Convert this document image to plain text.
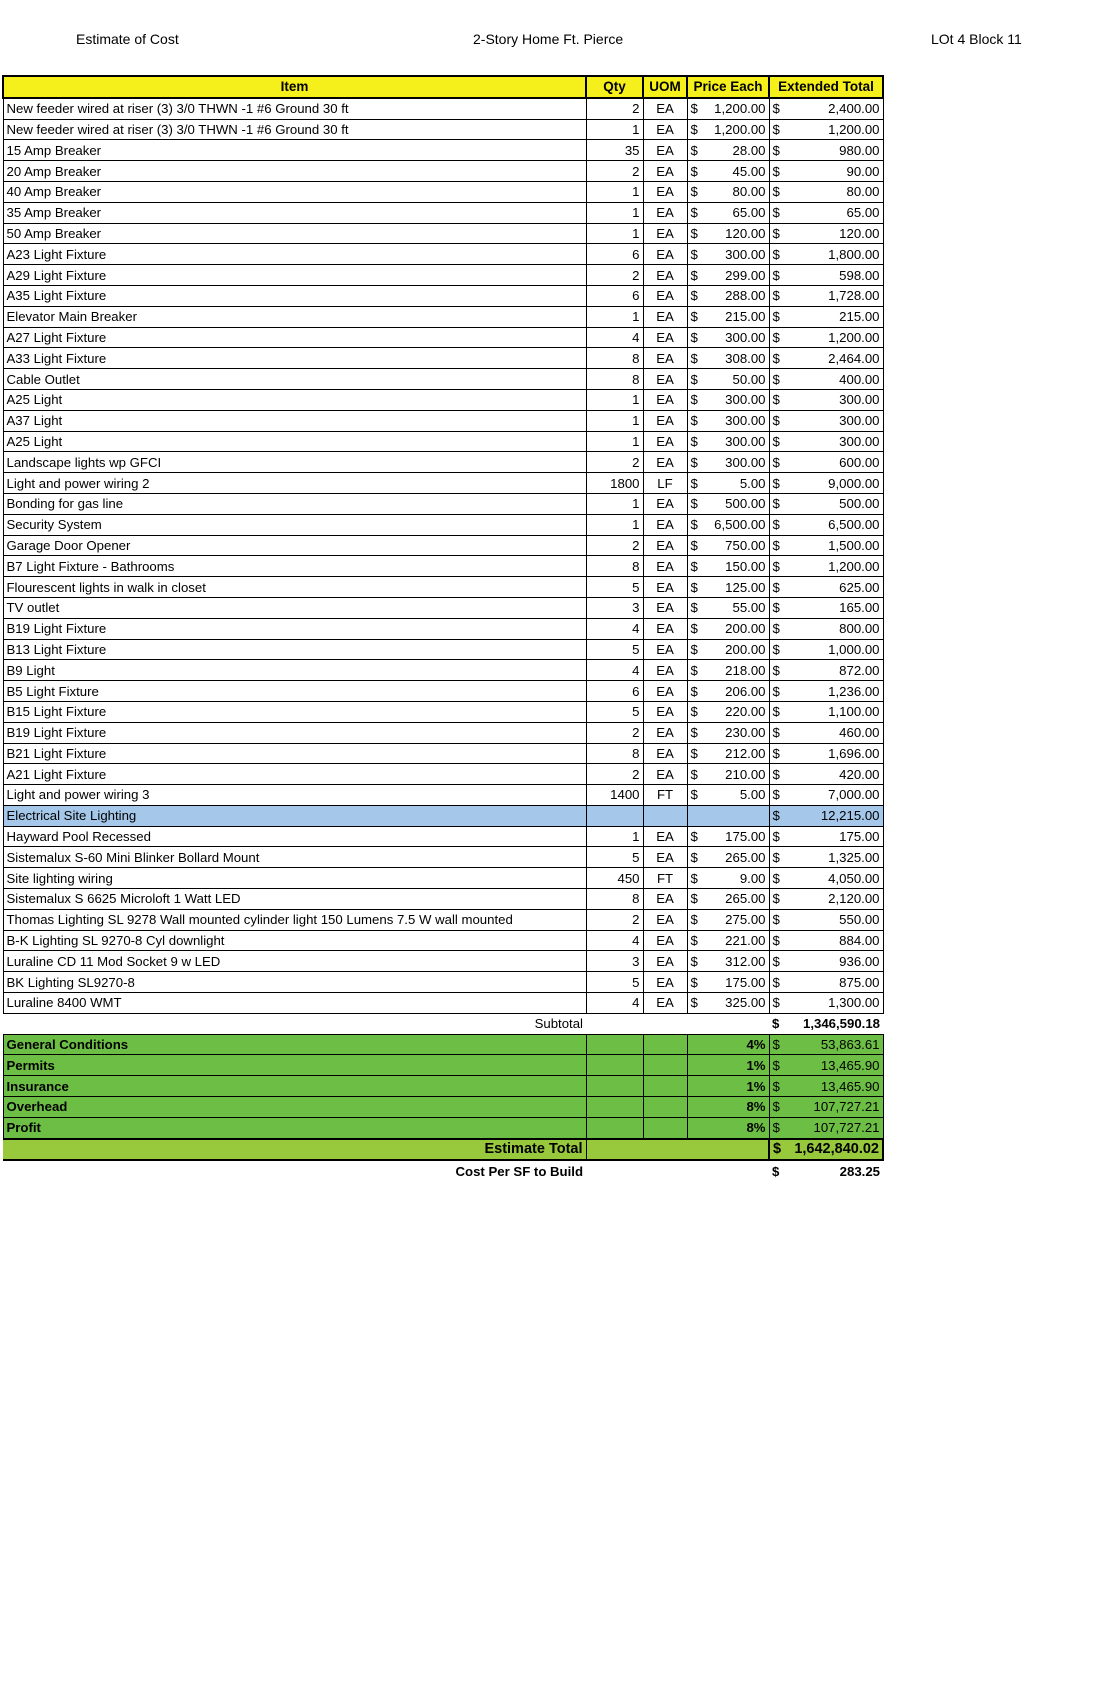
Estimate of Cost	2-Story Home Ft. Pierce	LOt 4 Block 11
Item	Qty	UOM	Price Each	Extended Total
New feeder wired at riser (3) 3/0 THWN -1 #6 Ground 30 ft	2	EA	$ 1,200.00	$ 2,400.00

New feeder wired at riser (3) 3/0 THWN -1 #6 Ground 30 ft	1	EA	$ 1,200.00	$ 1,200.00

15 Amp Breaker	35	EA	$ 28.00	$ 980.00

20 Amp Breaker	2	EA	$ 45.00	$ 90.00

40 Amp Breaker	1	EA	$ 80.00	$ 80.00

35 Amp Breaker	1	EA	$ 65.00	$ 65.00

50 Amp Breaker	1	EA	$ 120.00	$ 120.00

A23 Light Fixture	6	EA	$ 300.00	$ 1,800.00

A29 Light Fixture	2	EA	$ 299.00	$ 598.00

A35 Light Fixture	6	EA	$ 288.00	$ 1,728.00

Elevator Main Breaker	1	EA	$ 215.00	$ 215.00

A27 Light Fixture	4	EA	$ 300.00	$ 1,200.00

A33 Light Fixture	8	EA	$ 308.00	$ 2,464.00

Cable Outlet	8	EA	$ 50.00	$ 400.00

A25 Light	1	EA	$ 300.00	$ 300.00

A37 Light	1	EA	$ 300.00	$ 300.00

A25 Light	1	EA	$ 300.00	$ 300.00

Landscape lights wp GFCI	2	EA	$ 300.00	$ 600.00

Light and power wiring 2	1800	LF	$ 5.00	$ 9,000.00

Bonding for gas line	1	EA	$ 500.00	$ 500.00

Security System	1	EA	$ 6,500.00	$ 6,500.00

Garage Door Opener	2	EA	$ 750.00	$ 1,500.00

B7 Light Fixture - Bathrooms	8	EA	$ 150.00	$ 1,200.00

Flourescent lights in walk in closet	5	EA	$ 125.00	$ 625.00

TV outlet	3	EA	$ 55.00	$ 165.00

B19 Light Fixture	4	EA	$ 200.00	$ 800.00

B13 Light Fixture	5	EA	$ 200.00	$ 1,000.00

B9 Light	4	EA	$ 218.00	$ 872.00

B5 Light Fixture	6	EA	$ 206.00	$ 1,236.00

B15 Light Fixture	5	EA	$ 220.00	$ 1,100.00

B19 Light Fixture	2	EA	$ 230.00	$ 460.00

B21 Light Fixture	8	EA	$ 212.00	$ 1,696.00

A21 Light Fixture	2	EA	$ 210.00	$ 420.00

Light and power wiring 3	1400	FT	$ 5.00	$ 7,000.00

Electrical Site Lighting				$ 12,215.00

Hayward Pool Recessed	1	EA	$ 175.00	$ 175.00

Sistemalux S-60 Mini Blinker Bollard Mount	5	EA	$ 265.00	$ 1,325.00

Site lighting wiring	450	FT	$ 9.00	$ 4,050.00

Sistemalux S 6625 Microloft 1 Watt LED	8	EA	$ 265.00	$ 2,120.00

Thomas Lighting SL 9278 Wall mounted cylinder light 150 Lumens 7.5 W wall mounted	2	EA	$ 275.00	$ 550.00

B-K Lighting SL 9270-8 Cyl downlight	4	EA	$ 221.00	$ 884.00

Luraline CD 11 Mod Socket 9 w LED	3	EA	$ 312.00	$ 936.00

BK Lighting SL9270-8	5	EA	$ 175.00	$ 875.00

Luraline 8400 WMT	4	EA	$ 325.00	$ 1,300.00

Subtotal				$ 1,346,590.18

General Conditions			4%	$ 53,863.61

Permits			1%	$ 13,465.90

Insurance			1%	$ 13,465.90

Overhead			8%	$ 107,727.21

Profit			8%	$ 107,727.21

Estimate Total				$ 1,642,840.02

Cost Per SF to Build				$ 283.25
